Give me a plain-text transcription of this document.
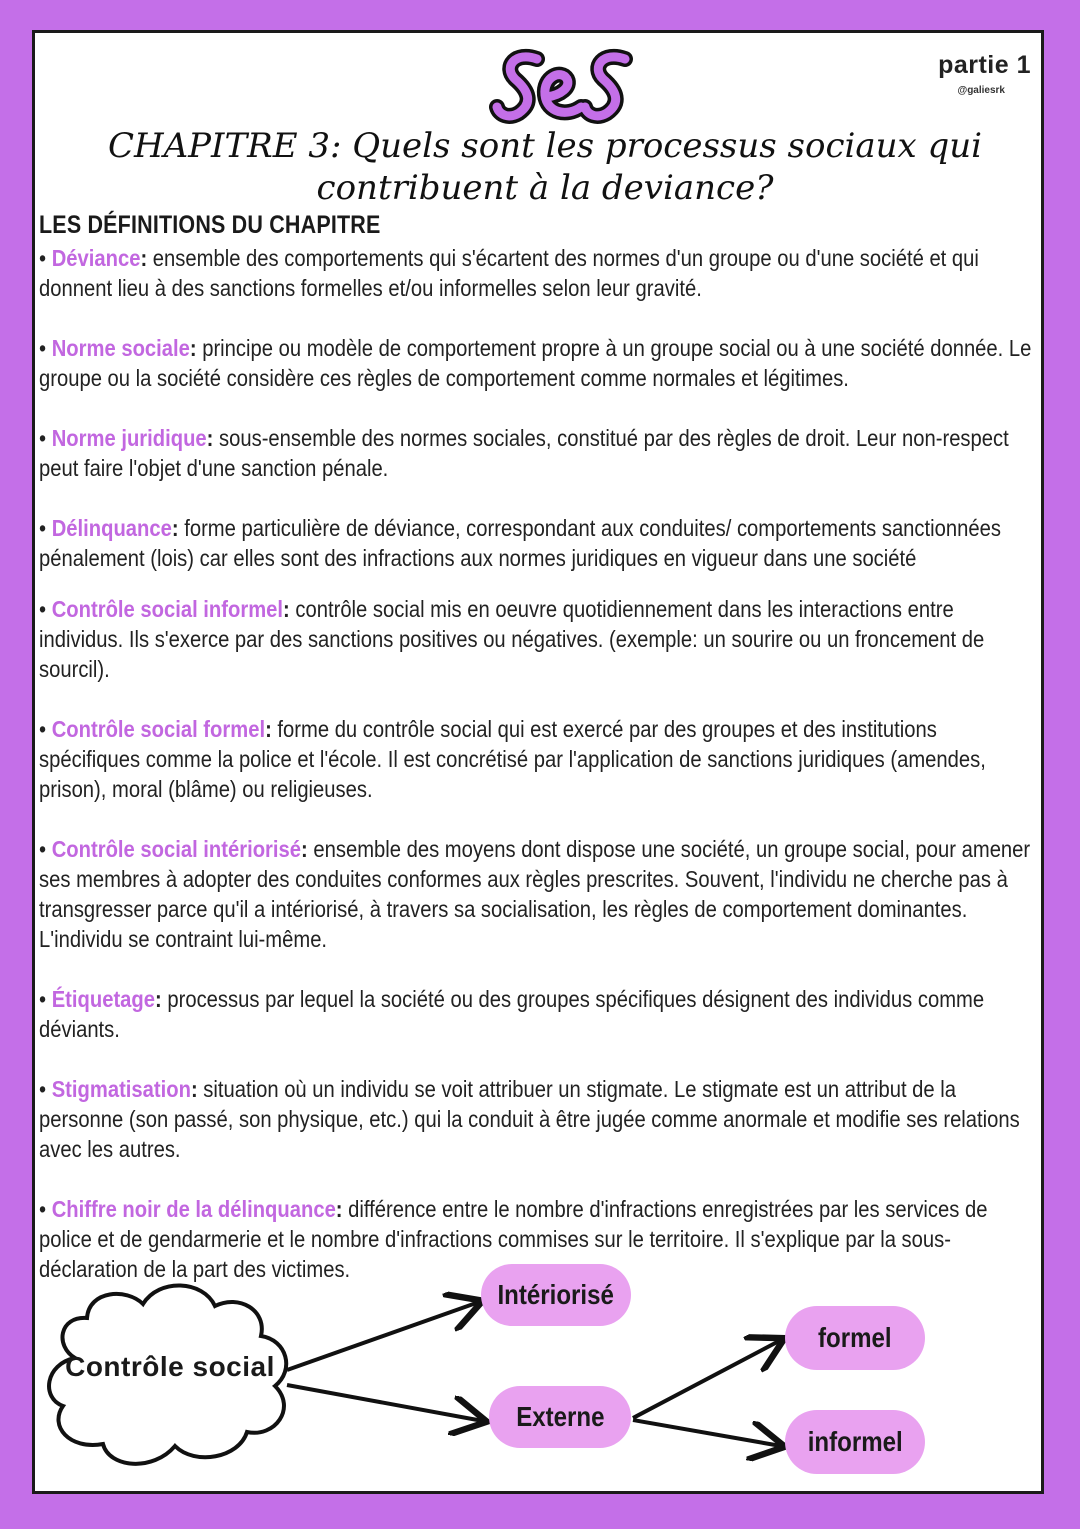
partie 1
@galiesrk
CHAPITRE 3: Quels sont les processus sociaux qui
contribuent à la deviance?
LES DÉFINITIONS DU CHAPITRE
• Déviance: ensemble des comportements qui s'écartent des normes d'un groupe ou d'une société et qui donnent lieu à des sanctions formelles et/ou informelles selon leur gravité.
• Norme sociale: principe ou modèle de comportement propre à un groupe social ou à une société donnée. Le groupe ou la société considère ces règles de comportement comme normales et légitimes.
• Norme juridique: sous-ensemble des normes sociales, constitué par des règles de droit. Leur non-respect peut faire l'objet d'une sanction pénale.
• Délinquance: forme particulière de déviance, correspondant aux conduites/ comportements sanctionnées pénalement (lois) car elles sont des infractions aux normes juridiques en vigueur dans une société
• Contrôle social informel: contrôle social mis en oeuvre quotidiennement dans les interactions entre individus. Ils s'exerce par des sanctions positives ou négatives. (exemple: un sourire ou un froncement de sourcil).
• Contrôle social formel: forme du contrôle social qui est exercé par des groupes et des institutions spécifiques comme la police et l'école. Il est concrétisé par l'application de sanctions juridiques (amendes, prison), moral (blâme) ou religieuses.
• Contrôle social intériorisé: ensemble des moyens dont dispose une société, un groupe social, pour amener ses membres à adopter des conduites conformes aux règles prescrites. Souvent, l'individu ne cherche pas à transgresser parce qu'il a intériorisé, à travers sa socialisation, les règles de comportement dominantes. L'individu se contraint lui-même.
• Étiquetage: processus par lequel la société ou des groupes spécifiques désignent des individus comme déviants.
• Stigmatisation: situation où un individu se voit attribuer un stigmate. Le stigmate est un attribut de la personne (son passé, son physique, etc.) qui la conduit à être jugée comme anormale et modifie ses relations avec les autres.
• Chiffre noir de la délinquance: différence entre le nombre d'infractions enregistrées par les services de police et de gendarmerie et le nombre d'infractions commises sur le territoire. Il s'explique par la sous-déclaration de la part des victimes.
Contrôle social
Intériorisé
Externe
formel
informel
